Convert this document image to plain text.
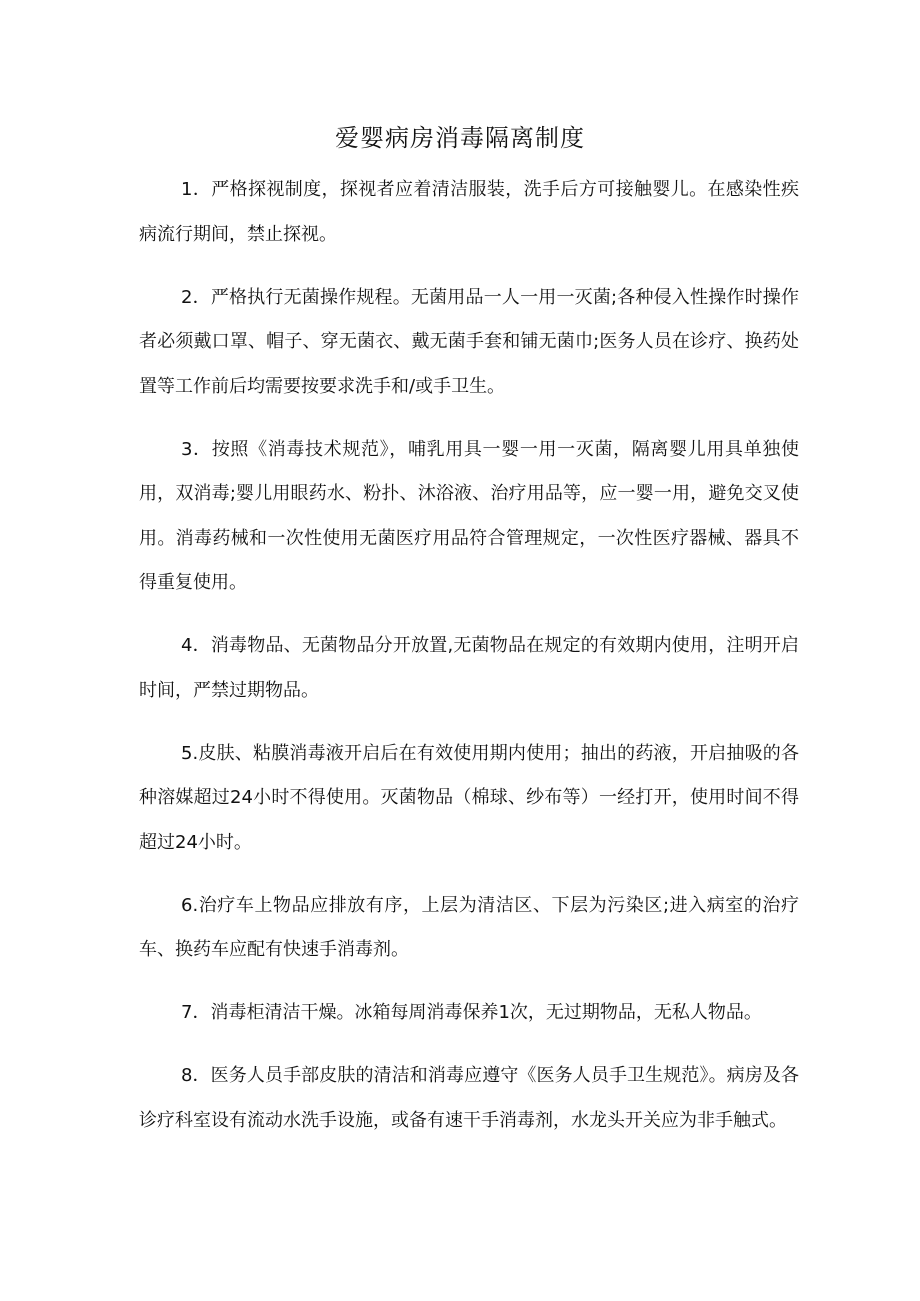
爱婴病房消毒隔离制度

1．严格探视制度，探视者应着清洁服装，洗手后方可接触婴儿。在感染性疾病流行期间，禁止探视。

2．严格执行无菌操作规程。无菌用品一人一用一灭菌;各种侵入性操作时操作者必须戴口罩、帽子、穿无菌衣、戴无菌手套和铺无菌巾;医务人员在诊疗、换药处置等工作前后均需要按要求洗手和/或手卫生。

3．按照《消毒技术规范》，哺乳用具一婴一用一灭菌，隔离婴儿用具单独使用，双消毒;婴儿用眼药水、粉扑、沐浴液、治疗用品等，应一婴一用，避免交叉使用。消毒药械和一次性使用无菌医疗用品符合管理规定，一次性医疗器械、器具不得重复使用。

4．消毒物品、无菌物品分开放置,无菌物品在规定的有效期内使用，注明开启时间，严禁过期物品。

5.皮肤、粘膜消毒液开启后在有效使用期内使用；抽出的药液，开启抽吸的各种溶媒超过24小时不得使用。灭菌物品（棉球、纱布等）一经打开，使用时间不得超过24小时。

6.治疗车上物品应排放有序，上层为清洁区、下层为污染区;进入病室的治疗车、换药车应配有快速手消毒剂。

7．消毒柜清洁干燥。冰箱每周消毒保养1次，无过期物品，无私人物品。

8．医务人员手部皮肤的清洁和消毒应遵守《医务人员手卫生规范》。病房及各诊疗科室设有流动水洗手设施，或备有速干手消毒剂，水龙头开关应为非手触式。
